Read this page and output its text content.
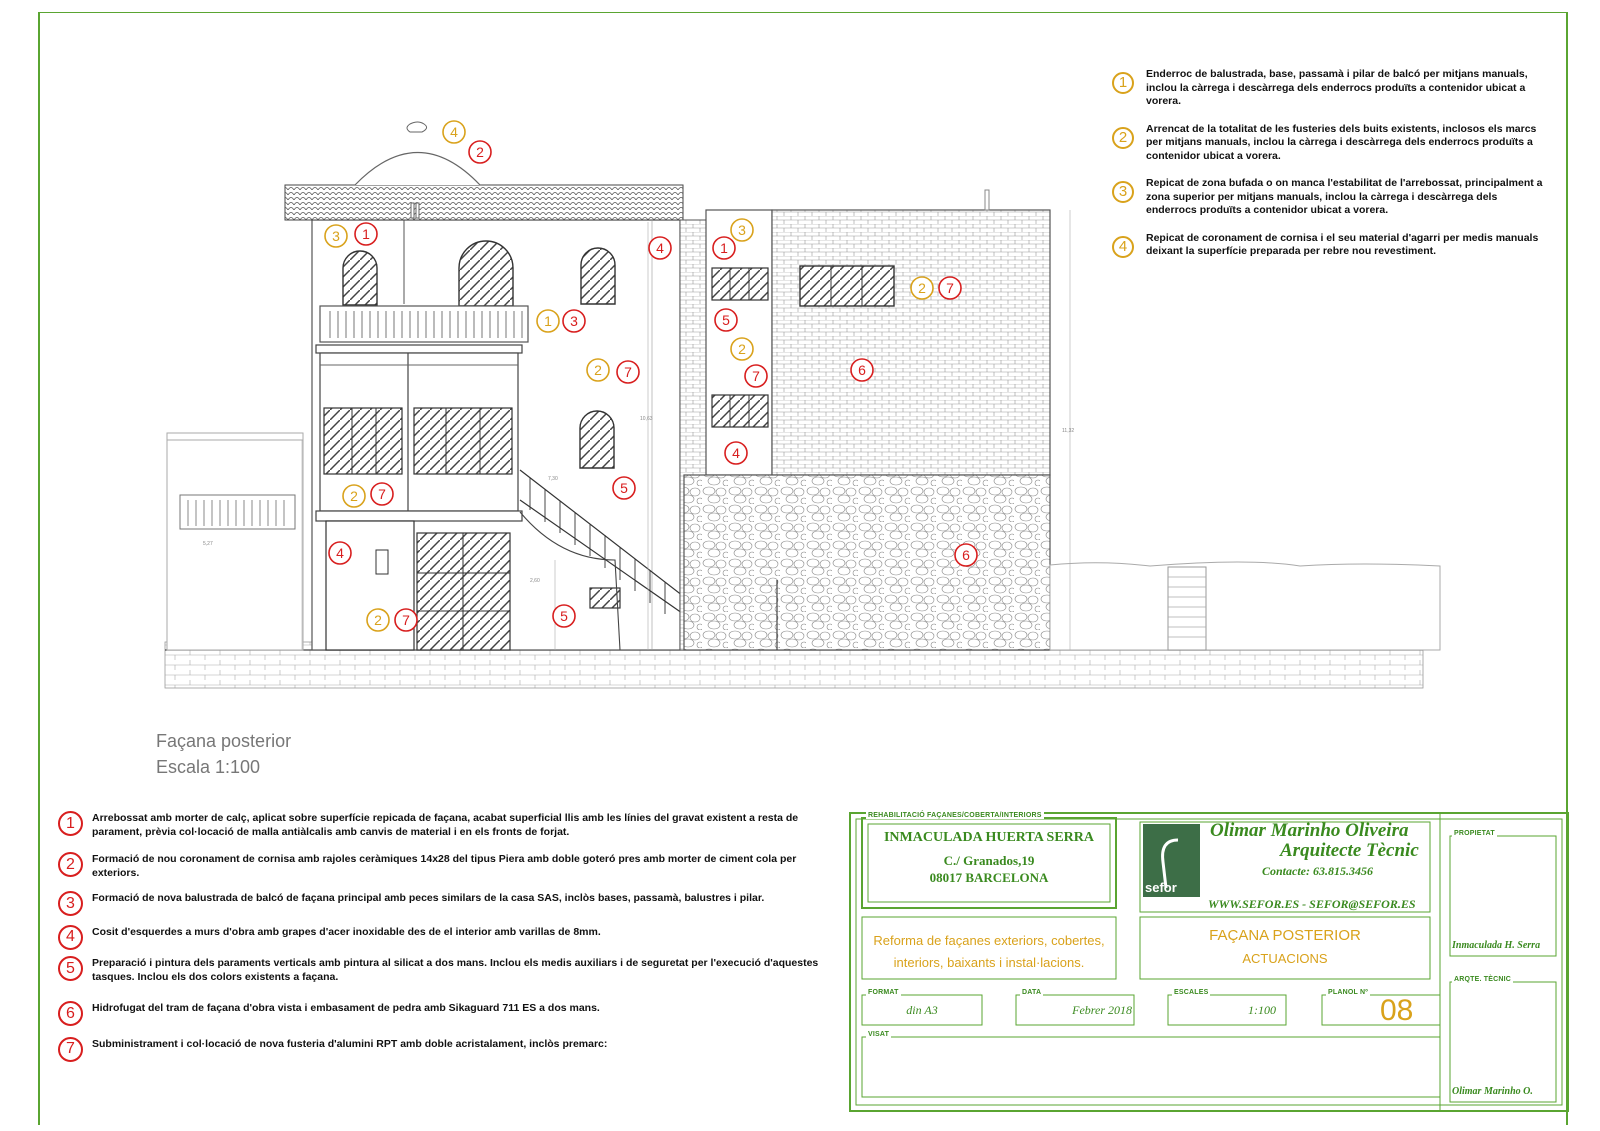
10,63
11,32
5,27
7,30
2,60
4
2
3 1
4
3
1
1 3	5
2
7
2 7
2 7
6
4
5
2 7
4	6
5
2 7
1
Enderroc de balustrada, base, passamà i pilar de balcó per mitjans manuals, inclou la càrrega i descàrrega dels enderrocs produïts a contenidor ubicat a vorera.
2
Arrencat de la totalitat de les fusteries dels buits existents, inclosos els marcs per mitjans manuals, inclou la càrrega i descàrrega dels enderrocs produïts a contenidor ubicat a vorera.
3
Repicat de zona bufada o on manca l'estabilitat de l'arrebossat, principalment a zona superior per mitjans manuals, inclou la càrrega i descàrrega dels enderrocs produïts a contenidor ubicat a vorera.
4
Repicat de coronament de cornisa i el seu material d'agarri per medis manuals deixant la superfície preparada per rebre nou revestiment.
Façana posterior
Escala 1:100
1	Arrebossat amb morter de calç, aplicat sobre superfície repicada de façana, acabat superficial llis amb les línies del gravat existent a resta de parament, prèvia col·locació de malla antiàlcalis amb canvis de material i en els fronts de forjat.
2	Formació de nou coronament de cornisa amb rajoles ceràmiques 14x28 del tipus Piera amb doble goteró pres amb morter de ciment cola per exteriors.
3	Formació de nova balustrada de balcó de façana principal amb peces similars de la casa SAS, inclòs bases, passamà, balustres i pilar.
4	Cosit d'esquerdes a murs d'obra amb grapes d'acer inoxidable des de el interior amb varillas de 8mm.
5	Preparació i pintura dels paraments verticals amb pintura al silicat a dos mans. Inclou els medis auxiliars i de seguretat per l'execució d'aquestes tasques. Inclou els dos colors existents a façana.
6	Hidrofugat del tram de façana d'obra vista i embasament de pedra amb Sikaguard 711 ES a dos mans.
7	Subministrament i col·locació de nova fusteria d'alumini RPT amb doble acristalament, inclòs premarc:
REHABILITACIÓ FAÇANES/COBERTA/INTERIORS
INMACULADA HUERTA SERRA
C./ Granados,19
08017 BARCELONA
sefor
Olimar Marinho Oliveira
Arquitecte Tècnic
Contacte: 63.815.3456
WWW.SEFOR.ES - SEFOR@SEFOR.ES
Reforma de façanes exteriors, cobertes, interiors, baixants i instal·lacions.
FAÇANA POSTERIOR
ACTUACIONS
FORMAT
din A3
DATA
Febrer 2018
ESCALES
1:100
PLANOL Nº
08
VISAT
PROPIETAT
Inmaculada H. Serra
ARQTE. TÈCNIC
Olimar Marinho O.
